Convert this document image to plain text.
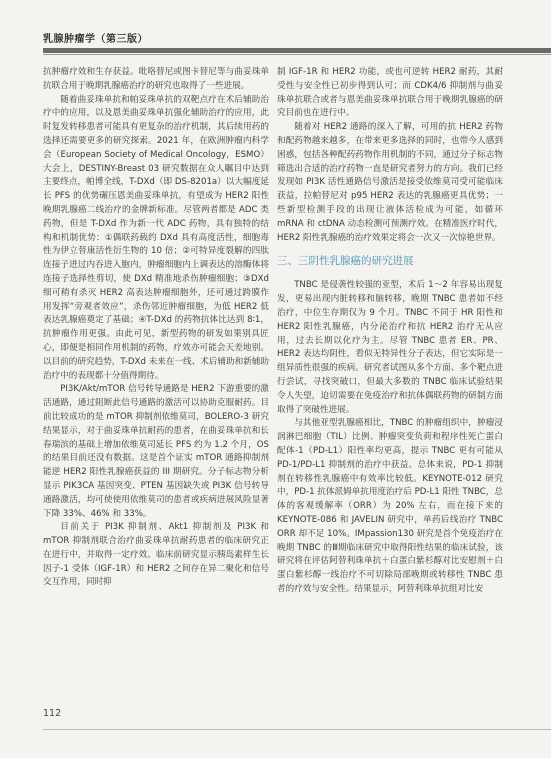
乳腺肿瘤学（第三版）

抗肿瘤疗效和生存获益。吡咯替尼或图卡替尼等与曲妥珠单抗联合用于晚期乳腺癌治疗的研究也取得了一些进展。

随着曲妥珠单抗和帕妥珠单抗的双靶点疗在术后辅助治疗中的应用，以及恩美曲妥珠单抗强化辅助治疗的应用，此时复发转移患者可能具有更复杂的治疗机制，其后续用药的选择还需要更多的研究探索。2021 年，在欧洲肿瘤内科学会（European Society of Medical Oncology，ESMO）大会上，DESTINY-Breast 03 研究数据在众人瞩目中达到主要终点，帕博全线，T-DXd（即 DS-8201a）以大幅度延长 PFS 的优势碾压恩美曲妥珠单抗，有望成为 HER2 阳性晚期乳腺癌二线治疗的金牌新标准。尽管两者都是 ADC 类药物，但是 T-DXd 作为新一代 ADC 药物，具有独特的结构和机制优势：①偶联药载约 DXd 具有高度活性，细胞毒性为伊立替康活性衍生物的 10 倍；②可特异度裂解的四肽连接子进过内吞进入胞内，肿瘤细胞内上调表达的溶酶体将连接子选择性剪切，使 DXd 精准地杀伤肿瘤细胞；③DXd 细可稍有杀灭 HER2 高表达肿瘤细胞外，还可通过跨膜作用发挥“旁观者效应”，杀伤邻近肿瘤细胞，为低 HER2 低表达乳腺癌奠定了基础；④T-DXd 的药物抗体比达到 8∶1，抗肿瘤作用更强。由此可见，新型药物的研发如果别具匠心，即便是相同作用机制的药物，疗效亦可能会天差地别。以目前的研究趋势，T-DXd 未来在一线、术后辅助和新辅助治疗中的表现都十分值得期待。

PI3K/Akt/mTOR 信号转导通路是 HER2 下游重要的激活通路，通过阻断此信号通路的激活可以协助克服耐药。目前比较成功的是 mTOR 抑制剂依维莫司，BOLERO-3 研究结果显示，对于曲妥珠单抗耐药的患者，在曲妥珠单抗和长春瑞滨的基础上增加依维莫司延长 PFS 约为 1.2 个月，OS 的结果目前还没有数据。这是首个证实 mTOR 通路抑制剂能逆 HER2 阳性乳腺癌获益的 III 期研究。分子标志物分析显示 PIK3CA 基因突变、PTEN 基因缺失或 PI3K 信号转导通路激活，均可使使用依维莫司的患者或疾病进展风险显著下降 33%、46% 和 33%。

目前关于 PI3K 抑制剂、Akt1 抑制剂及 PI3K 和 mTOR 抑制剂联合治疗曲妥珠单抗耐药患者的临床研究正在进行中，并取得一定疗效。临床前研究显示胰岛素样生长因子-1 受体（IGF-1R）和 HER2 之间存在异二聚化和信号交互作用，同时抑

制 IGF-1R 和 HER2 功能，或也可逆转 HER2 耐药，其耐受性与安全性已初步得到认可；而 CDK4/6 抑制剂与曲妥珠单抗联合或者与恩美曲妥珠单抗联合用于晚期乳腺癌的研究目前也在进行中。

随着对 HER2 通路的深入了解，可用的抗 HER2 药物和配药物越来越多，在带来更多选择的同时，也带今人感到困惑，包括各种配药药物作用机制的不同，通过分子标志物筛选出合适的治疗药物一直是研究者努力的方向。我们已经发现如 PI3K 活性通路信号激活是接受依维莫司受可能临床获益，拉帕替尼对 p95 HER2 表达的乳腺癌更具优势；一些新型检测手段的出现让液体活检成为可能，如循环 mRNA 和 ctDNA 动态检测可预测疗效。在精准医疗时代，HER2 阳性乳腺癌的治疗效果定将会一次又一次惊艳世界。

三、三阴性乳腺癌的研究进展

TNBC 是侵袭性较强的亚型，术后 1～2 年容易出现复发，更易出现内脏转移和脑转移，晚期 TNBC 患者如不经治疗，中位生存期仅为 9 个月。TNBC 不同于 HR 阳性和 HER2 阳性乳腺癌，内分泌治疗和抗 HER2 治疗无从应用，过去长期以化疗为主。尽管 TNBC 患者 ER、PR、HER2 表达均阴性，看似无特异性分子表达，但它实际是一组异质性很强的疾病。研究者试图从多个方面、多个靶点进行尝试，寻找突破口，但最大多数的 TNBC 临床试验结果令人失望，迫切需要在免疫治疗和抗体偶联药物的研制方面取得了突破性进展。

与其他亚型乳腺癌相比，TNBC 的肿瘤组织中，肿瘤浸润淋巴细胞（TIL）比例、肿瘤突变负荷和程序性死亡蛋白配体-1（PD-L1）阳性率均更高，提示 TNBC 更有可能从 PD-1/PD-L1 抑制剂的治疗中获益。总体来说，PD-1 抑制剂在转移性乳腺癌中有效率比较低。KEYNOTE-012 研究中，PD-1 抗体派姆单抗用度治疗后 PD-L1 阳性 TNBC，总体的客观缓解率（ORR）为 20% 左右，而在接下来的 KEYNOTE-086 和 JAVELIN 研究中，单药后线治疗 TNBC ORR 却不足 10%。IMpassion130 研究是首个免疫治疗在晚期 TNBC 的Ⅲ期临床研究中取得阳性结果的临床试验，该研究将在评估阿替利珠单抗＋白蛋白紫杉醇对比安慰剂＋白蛋白紫杉醇一线治疗不可切除局部晚期或转移性 TNBC 患者的疗效与安全性。结果显示，阿替利珠单抗组对比安

112
